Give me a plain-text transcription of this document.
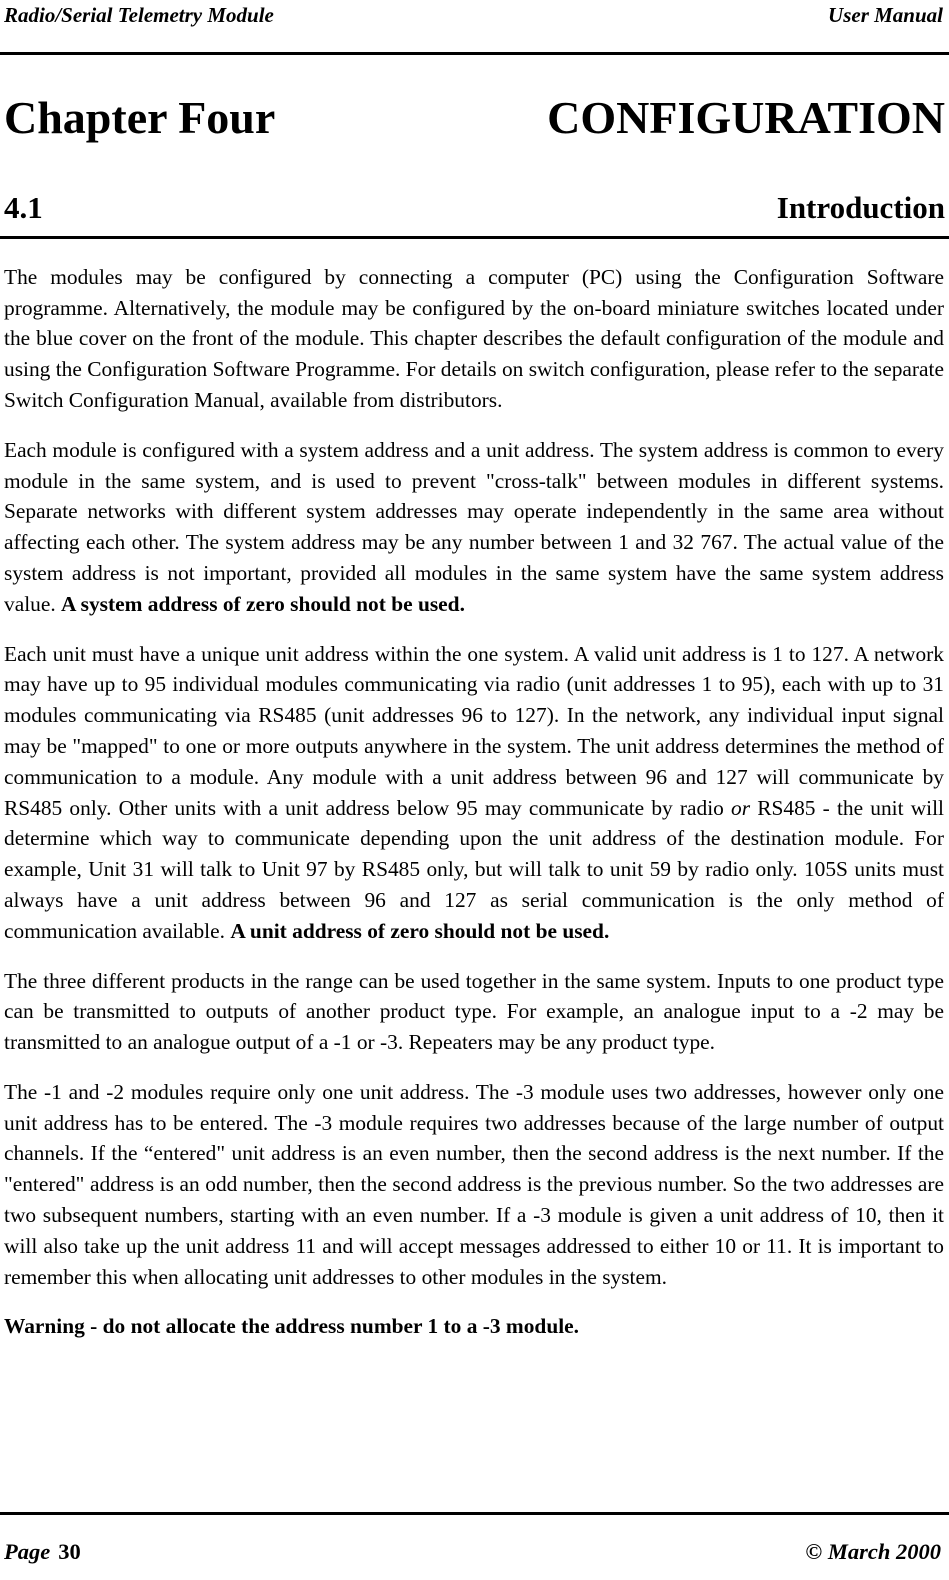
Radio/Serial Telemetry Module	User Manual
Chapter Four	CONFIGURATION
4.1	Introduction

The modules may be configured by connecting a computer (PC) using the Configuration Software programme. Alternatively, the module may be configured by the on-board miniature switches located under the blue cover on the front of the module. This chapter describes the default configuration of the module and using the Configuration Software Programme. For details on switch configuration, please refer to the separate Switch Configuration Manual, available from distributors.

Each module is configured with a system address and a unit address. The system address is common to every module in the same system, and is used to prevent "cross-talk" between modules in different systems. Separate networks with different system addresses may operate independently in the same area without affecting each other. The system address may be any number between 1 and 32 767. The actual value of the system address is not important, provided all modules in the same system have the same system address value. A system address of zero should not be used.

Each unit must have a unique unit address within the one system. A valid unit address is 1 to 127. A network may have up to 95 individual modules communicating via radio (unit addresses 1 to 95), each with up to 31 modules communicating via RS485 (unit addresses 96 to 127). In the network, any individual input signal may be "mapped" to one or more outputs anywhere in the system. The unit address determines the method of communication to a module. Any module with a unit address between 96 and 127 will communicate by RS485 only. Other units with a unit address below 95 may communicate by radio or RS485 - the unit will determine which way to communicate depending upon the unit address of the destination module. For example, Unit 31 will talk to Unit 97 by RS485 only, but will talk to unit 59 by radio only. 105S units must always have a unit address between 96 and 127 as serial communication is the only method of communication available. A unit address of zero should not be used.

The three different products in the range can be used together in the same system. Inputs to one product type can be transmitted to outputs of another product type. For example, an analogue input to a -2 may be transmitted to an analogue output of a -1 or -3. Repeaters may be any product type.

The -1 and -2 modules require only one unit address. The -3 module uses two addresses, however only one unit address has to be entered. The -3 module requires two addresses because of the large number of output channels. If the “entered" unit address is an even number, then the second address is the next number. If the "entered" address is an odd number, then the second address is the previous number. So the two addresses are two subsequent numbers, starting with an even number. If a -3 module is given a unit address of 10, then it will also take up the unit address 11 and will accept messages addressed to either 10 or 11. It is important to remember this when allocating unit addresses to other modules in the system.

Warning - do not allocate the address number 1 to a -3 module.

Page 30	© March 2000
